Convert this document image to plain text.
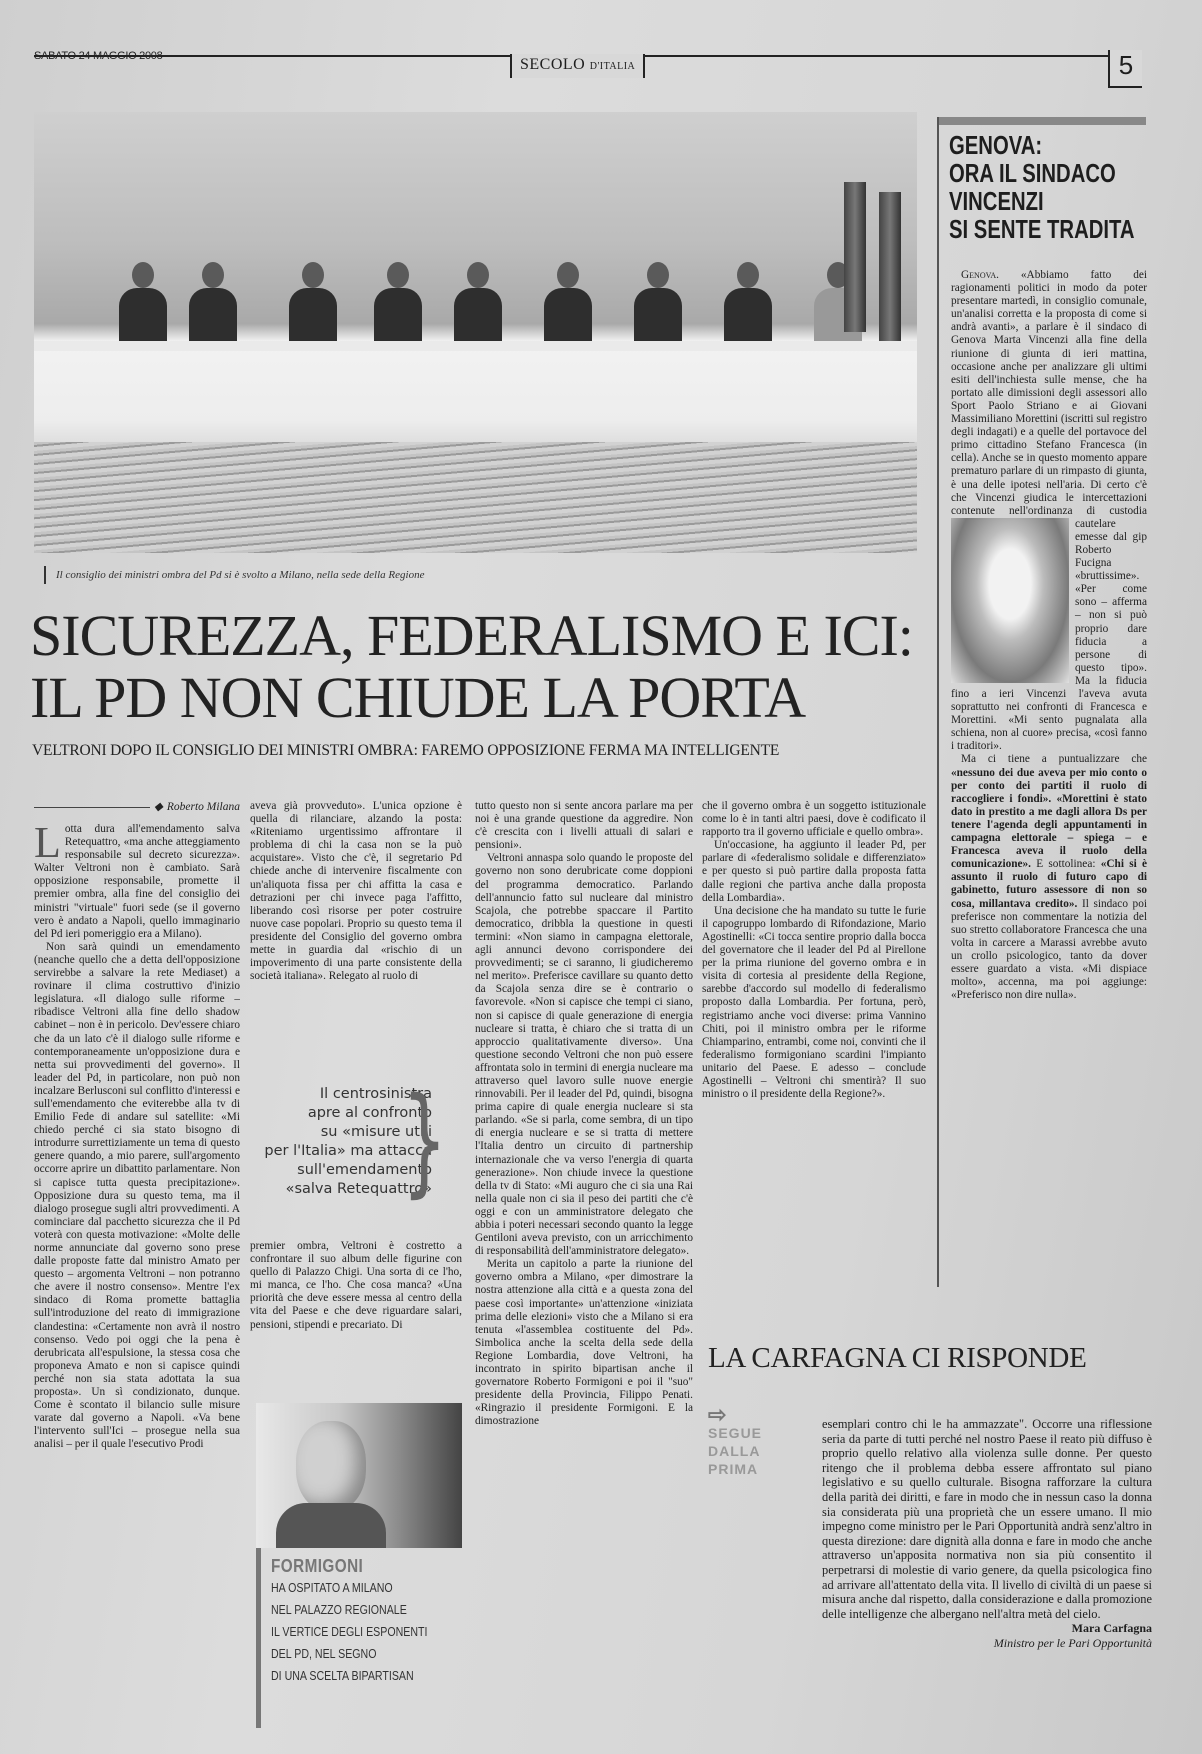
SABATO 24 MAGGIO 2008	SECOLO D'ITALIA	5
Il consiglio dei ministri ombra del Pd si è svolto a Milano, nella sede della Regione
SICUREZZA, FEDERALISMO E ICI:
IL PD NON CHIUDE LA PORTA
VELTRONI DOPO IL CONSIGLIO DEI MINISTRI OMBRA: FAREMO OPPOSIZIONE FERMA MA INTELLIGENTE
◆ Roberto Milana

Lotta dura all'emendamento salva Retequattro, «ma anche atteggiamento responsabile sul decreto sicurezza». Walter Veltroni non è cambiato. Sarà opposizione responsabile, promette il premier ombra, alla fine del consiglio dei ministri "virtuale" fuori sede (se il governo vero è andato a Napoli, quello immaginario del Pd ieri pomeriggio era a Milano).

Non sarà quindi un emendamento (neanche quello che a detta dell'opposizione servirebbe a salvare la rete Mediaset) a rovinare il clima costruttivo d'inizio legislatura. «Il dialogo sulle riforme – ribadisce Veltroni alla fine dello shadow cabinet – non è in pericolo. Dev'essere chiaro che da un lato c'è il dialogo sulle riforme e contemporaneamente un'opposizione dura e netta sui provvedimenti del governo». Il leader del Pd, in particolare, non può non incalzare Berlusconi sul conflitto d'interessi e sull'emendamento che eviterebbe alla tv di Emilio Fede di andare sul satellite: «Mi chiedo perché ci sia stato bisogno di introdurre surrettiziamente un tema di questo genere quando, a mio parere, sull'argomento occorre aprire un dibattito parlamentare. Non si capisce tutta questa precipitazione». Opposizione dura su questo tema, ma il dialogo prosegue sugli altri provvedimenti. A cominciare dal pacchetto sicurezza che il Pd voterà con questa motivazione: «Molte delle norme annunciate dal governo sono prese dalle proposte fatte dal ministro Amato per questo – argomenta Veltroni – non potranno che avere il nostro consenso». Mentre l'ex sindaco di Roma promette battaglia sull'introduzione del reato di immigrazione clandestina: «Certamente non avrà il nostro consenso. Vedo poi oggi che la pena è derubricata all'espulsione, la stessa cosa che proponeva Amato e non si capisce quindi perché non sia stata adottata la sua proposta». Un sì condizionato, dunque. Come è scontato il bilancio sulle misure varate dal governo a Napoli. «Va bene l'intervento sull'Ici – prosegue nella sua analisi – per il quale l'esecutivo Prodi

aveva già provveduto». L'unica opzione è quella di rilanciare, alzando la posta: «Riteniamo urgentissimo affrontare il problema di chi la casa non se la può acquistare». Visto che c'è, il segretario Pd chiede anche di intervenire fiscalmente con un'aliquota fissa per chi affitta la casa e detrazioni per chi invece paga l'affitto, liberando così risorse per poter costruire nuove case popolari. Proprio su questo tema il presidente del Consiglio del governo ombra mette in guardia dal «rischio di un impoverimento di una parte consistente della società italiana». Relegato al ruolo di

Il centrosinistra
apre al confronto
su «misure utili
per l'Italia» ma attacca
sull'emendamento
«salva Retequattro»
}

premier ombra, Veltroni è costretto a confrontare il suo album delle figurine con quello di Palazzo Chigi. Una sorta di ce l'ho, mi manca, ce l'ho. Che cosa manca? «Una priorità che deve essere messa al centro della vita del Paese e che deve riguardare salari, pensioni, stipendi e precariato. Di

FORMIGONI
HA OSPITATO A MILANO
NEL PALAZZO REGIONALE
IL VERTICE DEGLI ESPONENTI
DEL PD, NEL SEGNO
DI UNA SCELTA BIPARTISAN

tutto questo non si sente ancora parlare ma per noi è una grande questione da aggredire. Non c'è crescita con i livelli attuali di salari e pensioni».

Veltroni annaspa solo quando le proposte del governo non sono derubricate come doppioni del programma democratico. Parlando dell'annuncio fatto sul nucleare dal ministro Scajola, che potrebbe spaccare il Partito democratico, dribbla la questione in questi termini: «Non siamo in campagna elettorale, agli annunci devono corrispondere dei provvedimenti; se ci saranno, li giudicheremo nel merito». Preferisce cavillare su quanto detto da Scajola senza dire se è contrario o favorevole. «Non si capisce che tempi ci siano, non si capisce di quale generazione di energia nucleare si tratta, è chiaro che si tratta di un approccio qualitativamente diverso». Una questione secondo Veltroni che non può essere affrontata solo in termini di energia nucleare ma attraverso quel lavoro sulle nuove energie rinnovabili. Per il leader del Pd, quindi, bisogna prima capire di quale energia nucleare si sta parlando. «Se si parla, come sembra, di un tipo di energia nucleare e se si tratta di mettere l'Italia dentro un circuito di partnership internazionale che va verso l'energia di quarta generazione». Non chiude invece la questione della tv di Stato: «Mi auguro che ci sia una Rai nella quale non ci sia il peso dei partiti che c'è oggi e con un amministratore delegato che abbia i poteri necessari secondo quanto la legge Gentiloni aveva previsto, con un arricchimento di responsabilità dell'amministratore delegato».

Merita un capitolo a parte la riunione del governo ombra a Milano, «per dimostrare la nostra attenzione alla città e a questa zona del paese così importante» un'attenzione «iniziata prima delle elezioni» visto che a Milano si era tenuta «l'assemblea costituente del Pd». Simbolica anche la scelta della sede della Regione Lombardia, dove Veltroni, ha incontrato in spirito bipartisan anche il governatore Roberto Formigoni e poi il "suo" presidente della Provincia, Filippo Penati. «Ringrazio il presidente Formigoni. E la dimostrazione

che il governo ombra è un soggetto istituzionale come lo è in tanti altri paesi, dove è codificato il rapporto tra il governo ufficiale e quello ombra».

Un'occasione, ha aggiunto il leader Pd, per parlare di «federalismo solidale e differenziato» e per questo si può partire dalla proposta fatta dalle regioni che partiva anche dalla proposta della Lombardia».

Una decisione che ha mandato su tutte le furie il capogruppo lombardo di Rifondazione, Mario Agostinelli: «Ci tocca sentire proprio dalla bocca del governatore che il leader del Pd al Pirellone per la prima riunione del governo ombra e in visita di cortesia al presidente della Regione, sarebbe d'accordo sul modello di federalismo proposto dalla Lombardia. Per fortuna, però, registriamo anche voci diverse: prima Vannino Chiti, poi il ministro ombra per le riforme Chiamparino, entrambi, come noi, convinti che il federalismo formigoniano scardini l'impianto unitario del Paese. E adesso – conclude Agostinelli – Veltroni chi smentirà? Il suo ministro o il presidente della Regione?».

GENOVA:
ORA IL SINDACO
VINCENZI
SI SENTE TRADITA

Genova. «Abbiamo fatto dei ragionamenti politici in modo da poter presentare martedì, in consiglio comunale, un'analisi corretta e la proposta di come si andrà avanti», a parlare è il sindaco di Genova Marta Vincenzi alla fine della riunione di giunta di ieri mattina, occasione anche per analizzare gli ultimi esiti dell'inchiesta sulle mense, che ha portato alle dimissioni degli assessori allo Sport Paolo Striano e ai Giovani Massimiliano Morettini (iscritti sul registro degli indagati) e a quelle del portavoce del primo cittadino Stefano Francesca (in cella). Anche se in questo momento appare prematuro parlare di un rimpasto di giunta, è una delle ipotesi nell'aria. Di certo c'è che Vincenzi giudica le intercettazioni contenute nell'ordinanza di custodia
cautelare emesse dal gip Roberto Fucigna «bruttissime». «Per come sono – afferma – non si può proprio dare fiducia a persone di questo tipo». Ma la fiducia fino a ieri Vincenzi l'aveva avuta soprattutto nei confronti di Francesca e Morettini. «Mi sento pugnalata alla schiena, non al cuore» precisa, «così fanno i traditori».

Ma ci tiene a puntualizzare che «nessuno dei due aveva per mio conto o per conto dei partiti il ruolo di raccogliere i fondi». «Morettini è stato dato in prestito a me dagli allora Ds per tenere l'agenda degli appuntamenti in campagna elettorale – spiega – e Francesca aveva il ruolo della comunicazione». E sottolinea: «Chi si è assunto il ruolo di futuro capo di gabinetto, futuro assessore di non so cosa, millantava credito». Il sindaco poi preferisce non commentare la notizia del suo stretto collaboratore Francesca che una volta in carcere a Marassi avrebbe avuto un crollo psicologico, tanto da dover essere guardato a vista. «Mi dispiace molto», accenna, ma poi aggiunge: «Preferisco non dire nulla».

LA CARFAGNA CI RISPONDE
⇨
SEGUE
DALLA
PRIMA

esemplari contro chi le ha ammazzate". Occorre una riflessione seria da parte di tutti perché nel nostro Paese il reato più diffuso è proprio quello relativo alla violenza sulle donne. Per questo ritengo che il problema debba essere affrontato sul piano legislativo e su quello culturale. Bisogna rafforzare la cultura della parità dei diritti, e fare in modo che in nessun caso la donna sia considerata più una proprietà che un essere umano. Il mio impegno come ministro per le Pari Opportunità andrà senz'altro in questa direzione: dare dignità alla donna e fare in modo che anche attraverso un'apposita normativa non sia più consentito il perpetrarsi di molestie di vario genere, da quella psicologica fino ad arrivare all'attentato della vita. Il livello di civiltà di un paese si misura anche dal rispetto, dalla considerazione e dalla promozione delle intelligenze che albergano nell'altra metà del cielo.

Mara Carfagna
Ministro per le Pari Opportunità
